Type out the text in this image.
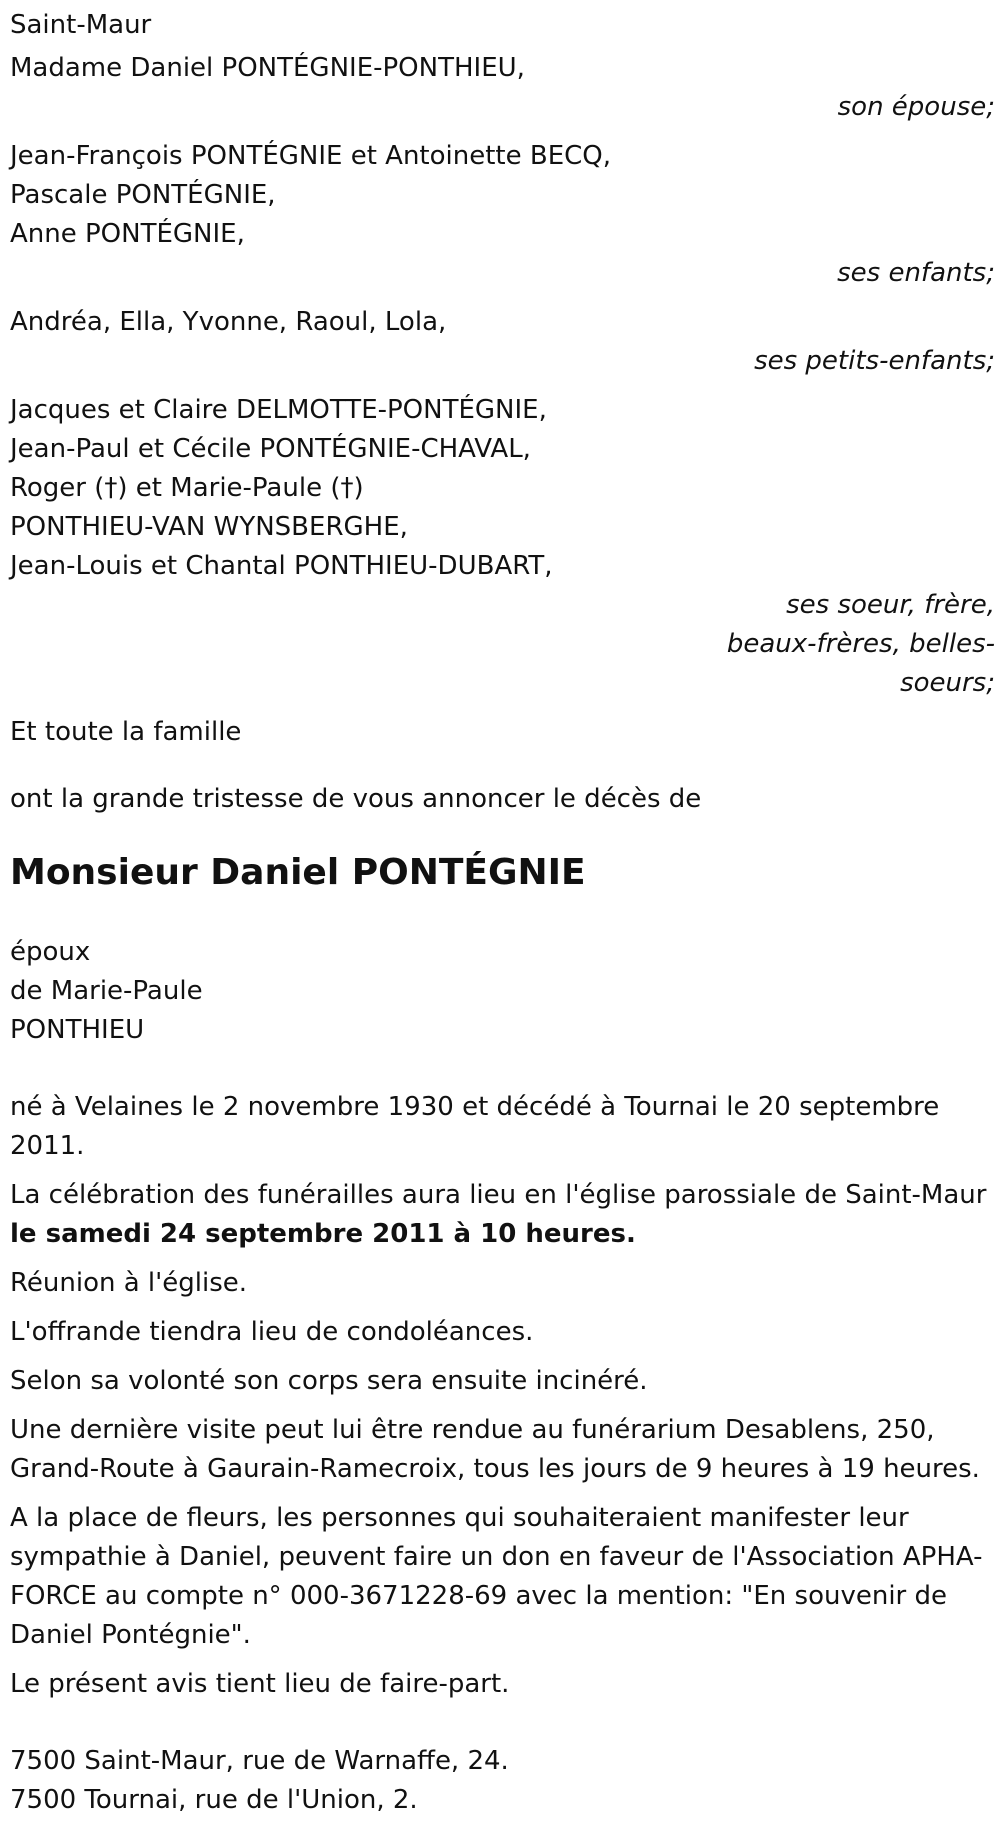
Saint-Maur

Madame Daniel PONTÉGNIE-PONTHIEU,

son épouse;

Jean-François PONTÉGNIE et Antoinette BECQ,

Pascale PONTÉGNIE,

Anne PONTÉGNIE,

ses enfants;

Andréa, Ella, Yvonne, Raoul, Lola,

ses petits-enfants;

Jacques et Claire DELMOTTE-PONTÉGNIE,

Jean-Paul et Cécile PONTÉGNIE-CHAVAL,

Roger (†) et Marie-Paule (†)

PONTHIEU-VAN WYNSBERGHE,

Jean-Louis et Chantal PONTHIEU-DUBART,

ses soeur, frère, beaux-frères, belles-soeurs;

Et toute la famille

ont la grande tristesse de vous annoncer le décès de

Monsieur Daniel PONTÉGNIE

époux

de Marie-Paule

PONTHIEU

né à Velaines le 2 novembre 1930 et décédé à Tournai le 20 septembre 2011.

La célébration des funérailles aura lieu en l'église parossiale de Saint-Maur le samedi 24 septembre 2011 à 10 heures.

Réunion à l'église.

L'offrande tiendra lieu de condoléances.

Selon sa volonté son corps sera ensuite incinéré.

Une dernière visite peut lui être rendue au funérarium Desablens, 250, Grand-Route à Gaurain-Ramecroix, tous les jours de 9 heures à 19 heures.

A la place de fleurs, les personnes qui souhaiteraient manifester leur sympathie à Daniel, peuvent faire un don en faveur de l'Association APHA-FORCE au compte n° 000-3671228-69 avec la mention: "En souvenir de Daniel Pontégnie".

Le présent avis tient lieu de faire-part.

7500 Saint-Maur, rue de Warnaffe, 24.

7500 Tournai, rue de l'Union, 2.
